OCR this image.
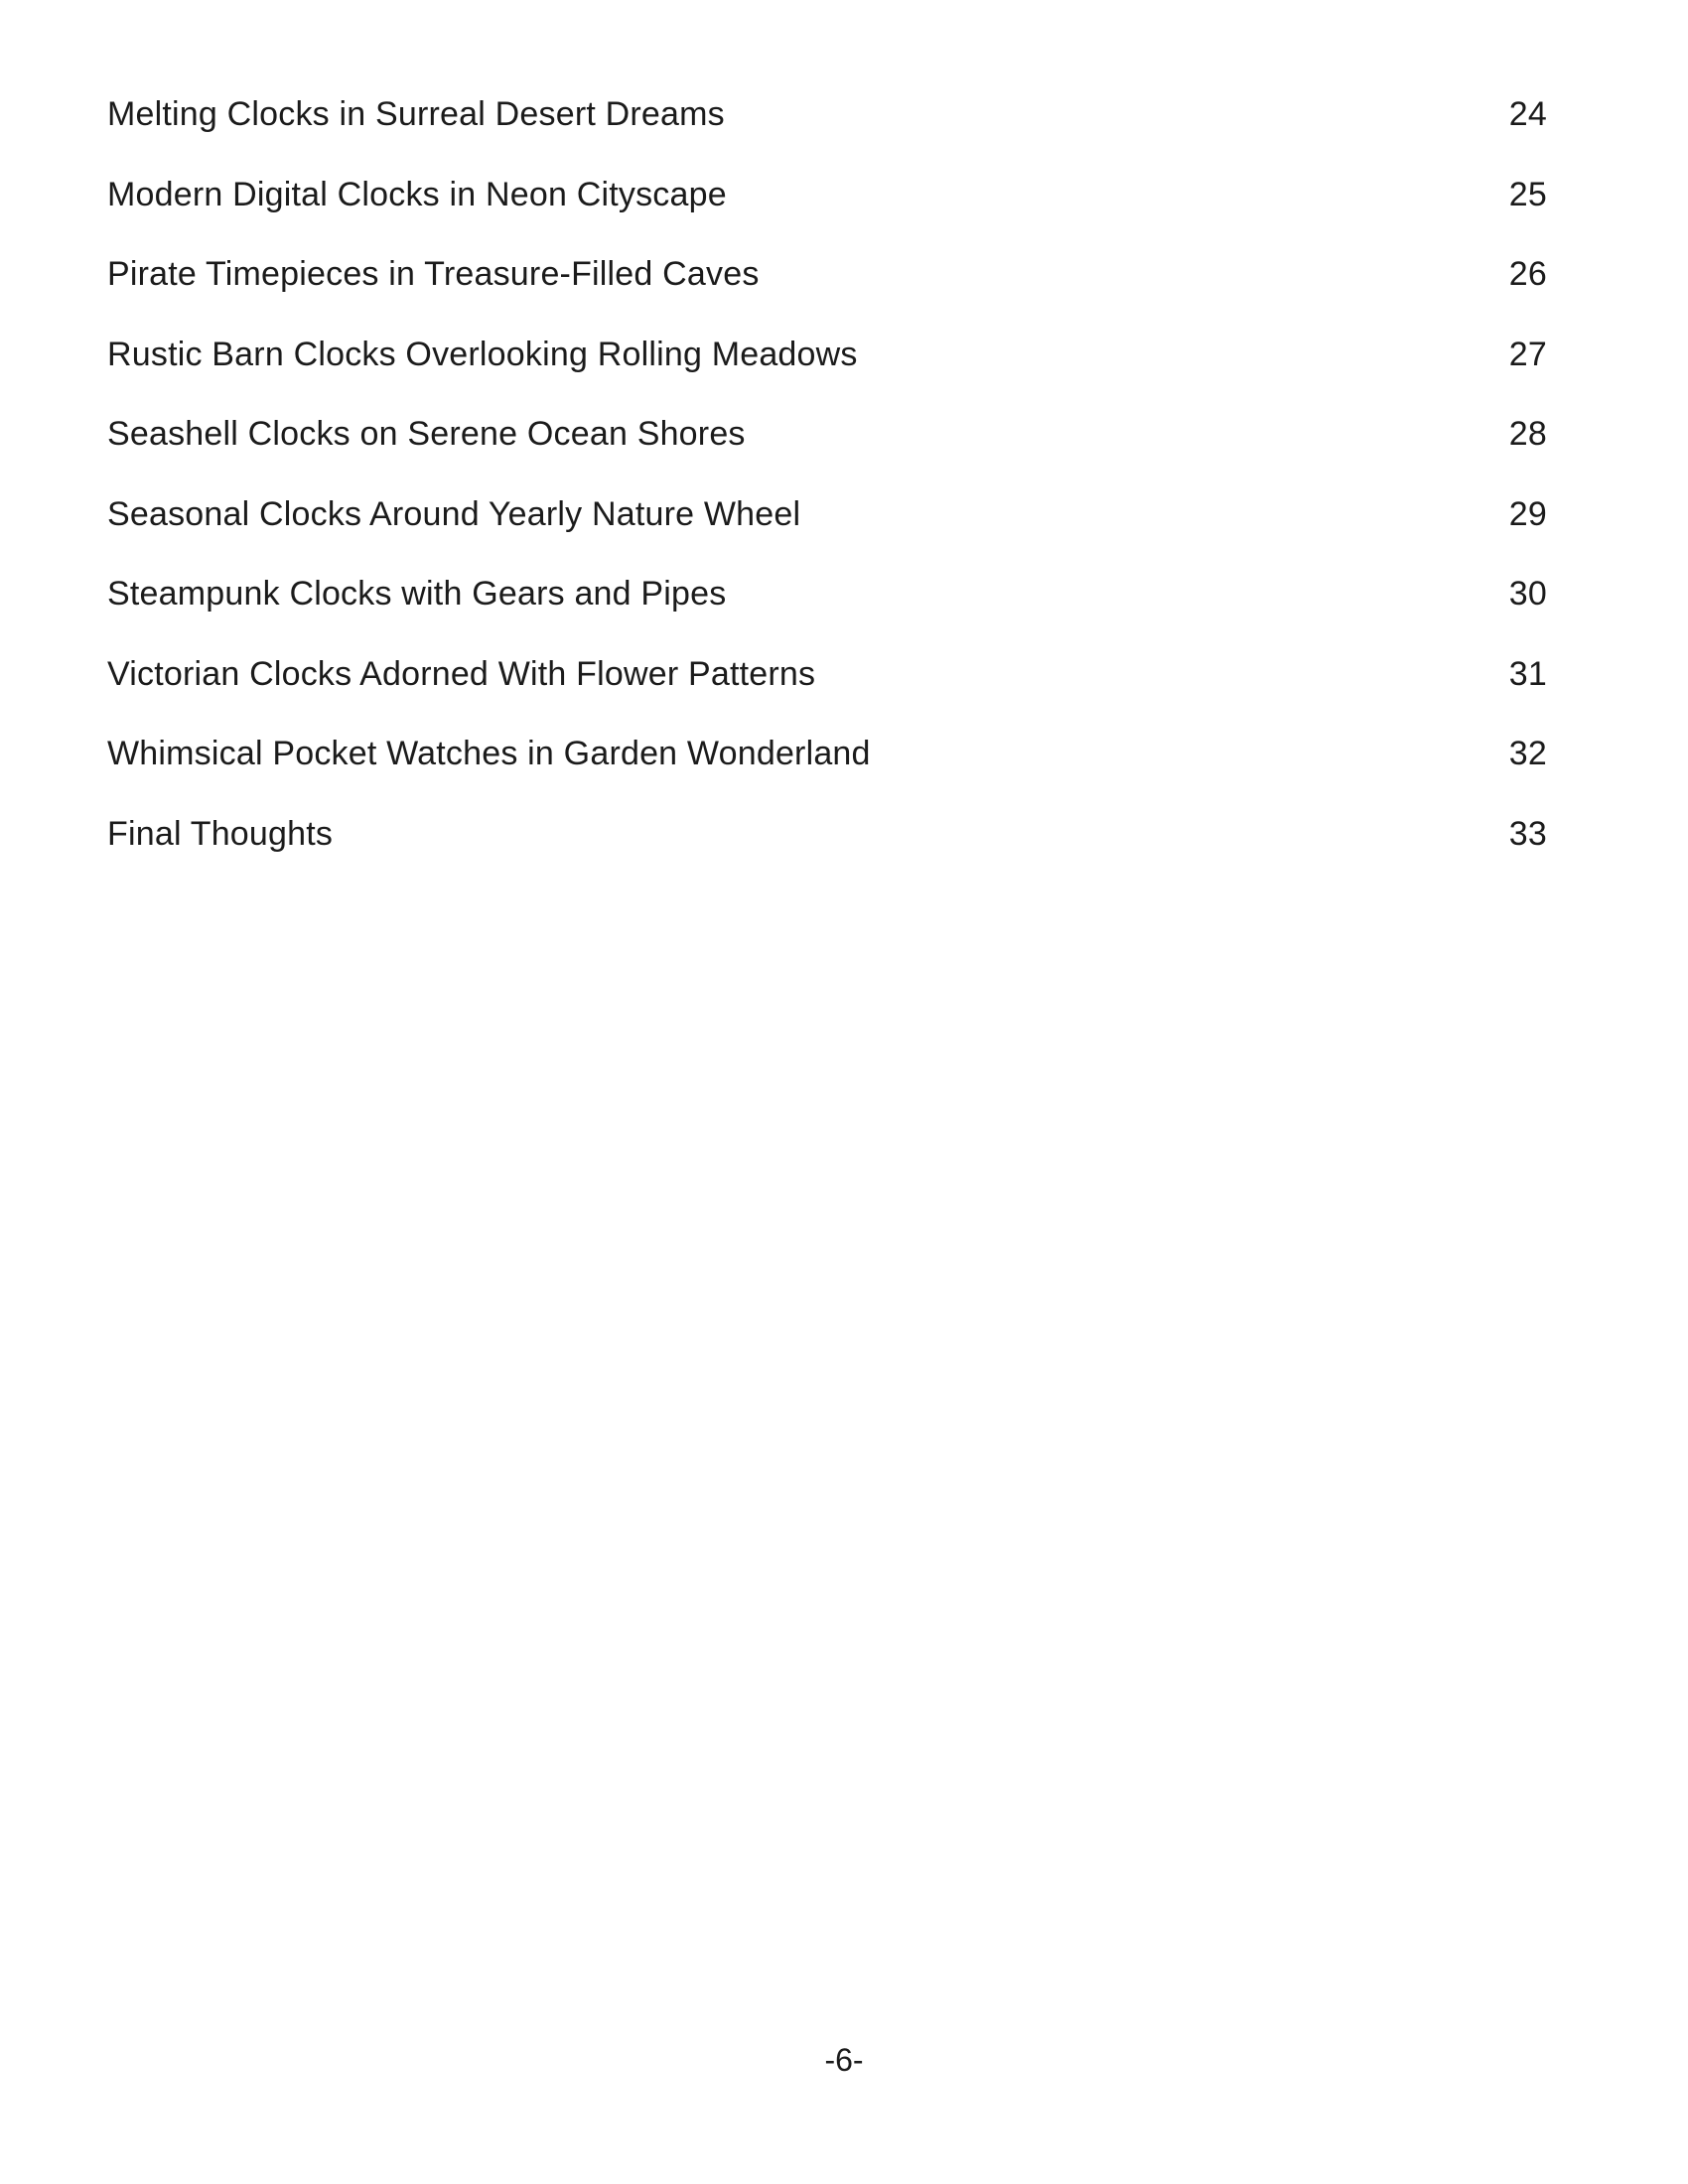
Melting Clocks in Surreal Desert Dreams	24
Modern Digital Clocks in Neon Cityscape	25
Pirate Timepieces in Treasure-Filled Caves	26
Rustic Barn Clocks Overlooking Rolling Meadows	27
Seashell Clocks on Serene Ocean Shores	28
Seasonal Clocks Around Yearly Nature Wheel	29
Steampunk Clocks with Gears and Pipes	30
Victorian Clocks Adorned With Flower Patterns	31
Whimsical Pocket Watches in Garden Wonderland	32
Final Thoughts	33
-6-
